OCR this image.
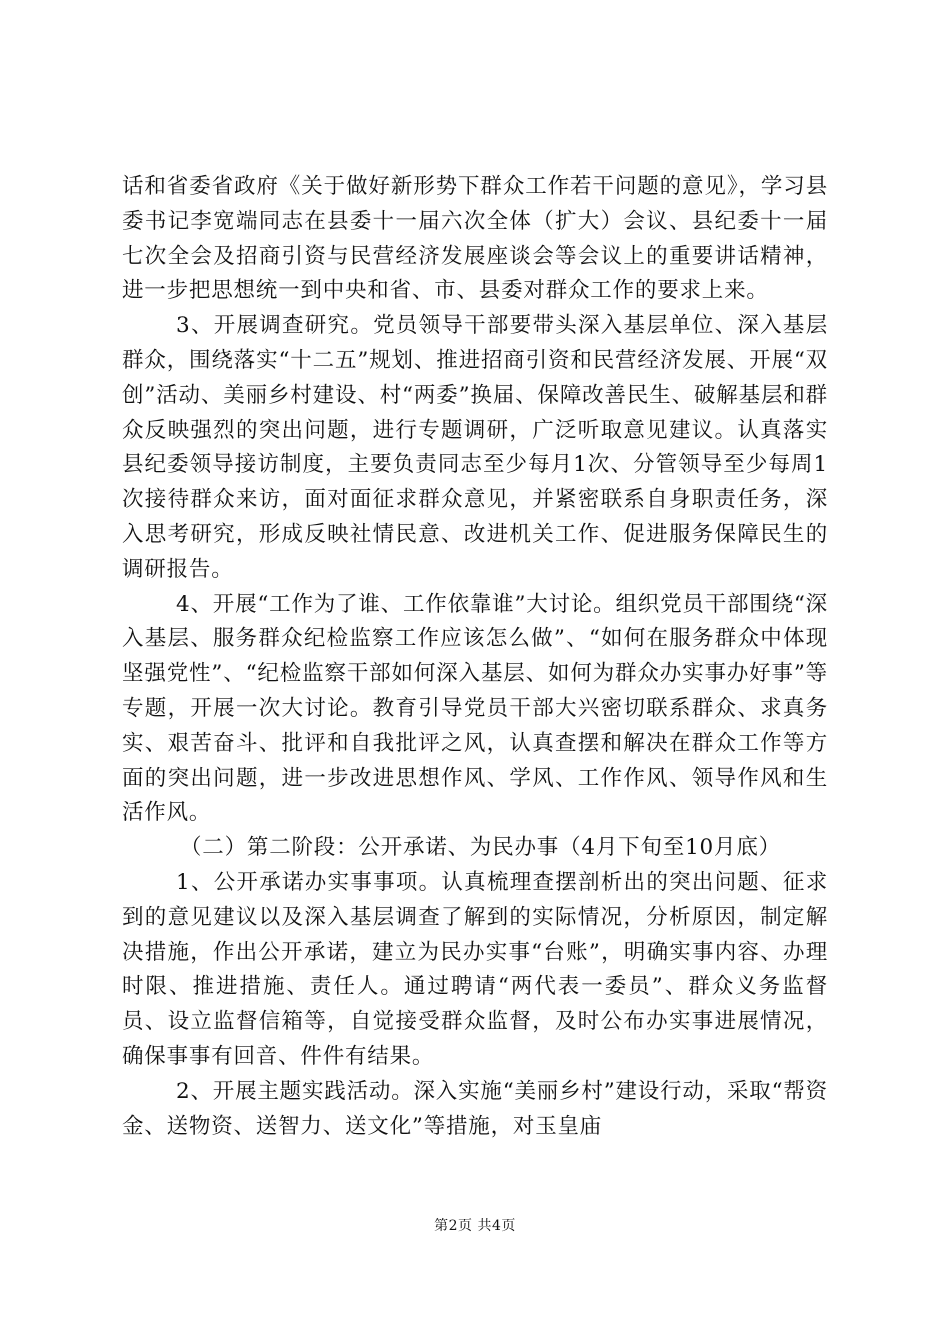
话和省委省政府《关于做好新形势下群众工作若干问题的意见》，学习县委书记李宽端同志在县委十一届六次全体（扩大）会议、县纪委十一届七次全会及招商引资与民营经济发展座谈会等会议上的重要讲话精神，进一步把思想统一到中央和省、市、县委对群众工作的要求上来。

3、开展调查研究。党员领导干部要带头深入基层单位、深入基层群众，围绕落实“十二五”规划、推进招商引资和民营经济发展、开展“双创”活动、美丽乡村建设、村“两委”换届、保障改善民生、破解基层和群众反映强烈的突出问题，进行专题调研，广泛听取意见建议。认真落实县纪委领导接访制度，主要负责同志至少每月1次、分管领导至少每周1次接待群众来访，面对面征求群众意见，并紧密联系自身职责任务，深入思考研究，形成反映社情民意、改进机关工作、促进服务保障民生的调研报告。

4、开展“工作为了谁、工作依靠谁”大讨论。组织党员干部围绕“深入基层、服务群众纪检监察工作应该怎么做”、“如何在服务群众中体现坚强党性”、“纪检监察干部如何深入基层、如何为群众办实事办好事”等专题，开展一次大讨论。教育引导党员干部大兴密切联系群众、求真务实、艰苦奋斗、批评和自我批评之风，认真查摆和解决在群众工作等方面的突出问题，进一步改进思想作风、学风、工作作风、领导作风和生活作风。

（二）第二阶段：公开承诺、为民办事（4月下旬至10月底）

1、公开承诺办实事事项。认真梳理查摆剖析出的突出问题、征求到的意见建议以及深入基层调查了解到的实际情况，分析原因，制定解决措施，作出公开承诺，建立为民办实事“台账”，明确实事内容、办理时限、推进措施、责任人。通过聘请“两代表一委员”、群众义务监督员、设立监督信箱等，自觉接受群众监督，及时公布办实事进展情况，确保事事有回音、件件有结果。

2、开展主题实践活动。深入实施“美丽乡村”建设行动，采取“帮资金、送物资、送智力、送文化”等措施，对玉皇庙

第2页 共4页
